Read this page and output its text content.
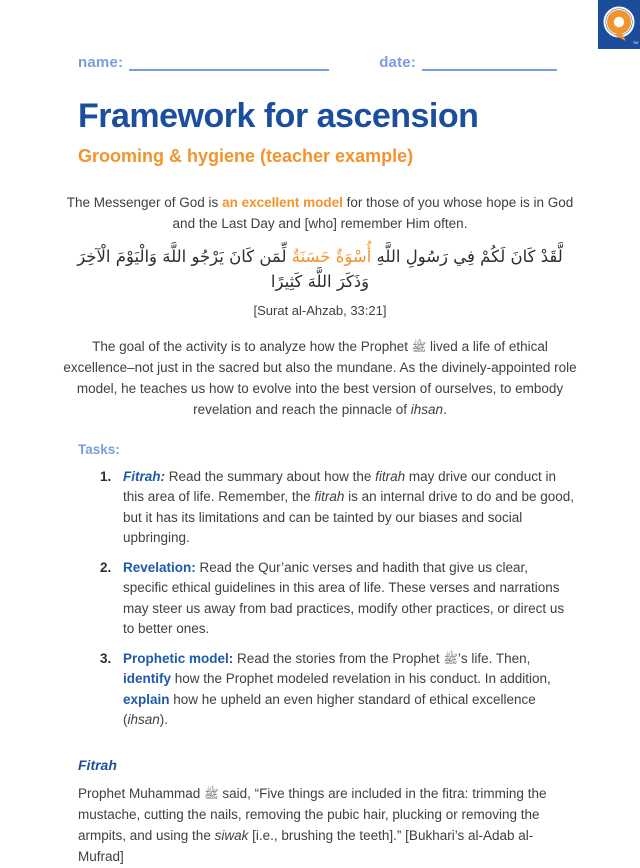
TM
name:	date:
Framework for ascension
Grooming & hygiene (teacher example)

The Messenger of God is an excellent model for those of you whose hope is in God and the Last Day and [who] remember Him often.

لَّقَدْ كَانَ لَكُمْ فِي رَسُولِ اللَّهِ أُسْوَةٌ حَسَنَةٌ لِّمَن كَانَ يَرْجُو اللَّهَ وَالْيَوْمَ الْآخِرَ وَذَكَرَ اللَّهَ كَثِيرًا

[Surat al-Ahzab, 33:21]

The goal of the activity is to analyze how the Prophet ﷺ lived a life of ethical excellence–not just in the sacred but also the mundane. As the divinely-appointed role model, he teaches us how to evolve into the best version of ourselves, to embody revelation and reach the pinnacle of ihsan.

Tasks:

1. Fitrah: Read the summary about how the fitrah may drive our conduct in this area of life. Remember, the fitrah is an internal drive to do and be good, but it has its limitations and can be tainted by our biases and social upbringing.
2. Revelation: Read the Qur’anic verses and hadith that give us clear, specific ethical guidelines in this area of life. These verses and narrations may steer us away from bad practices, modify other practices, or direct us to better ones.
3. Prophetic model: Read the stories from the Prophet ﷺ’s life. Then, identify how the Prophet modeled revelation in his conduct. In addition, explain how he upheld an even higher standard of ethical excellence (ihsan).
Fitrah

Prophet Muhammad ﷺ said, “Five things are included in the fitra: trimming the mustache, cutting the nails, removing the pubic hair, plucking or removing the armpits, and using the siwak [i.e., brushing the teeth].” [Bukhari’s al-Adab al-Mufrad]
